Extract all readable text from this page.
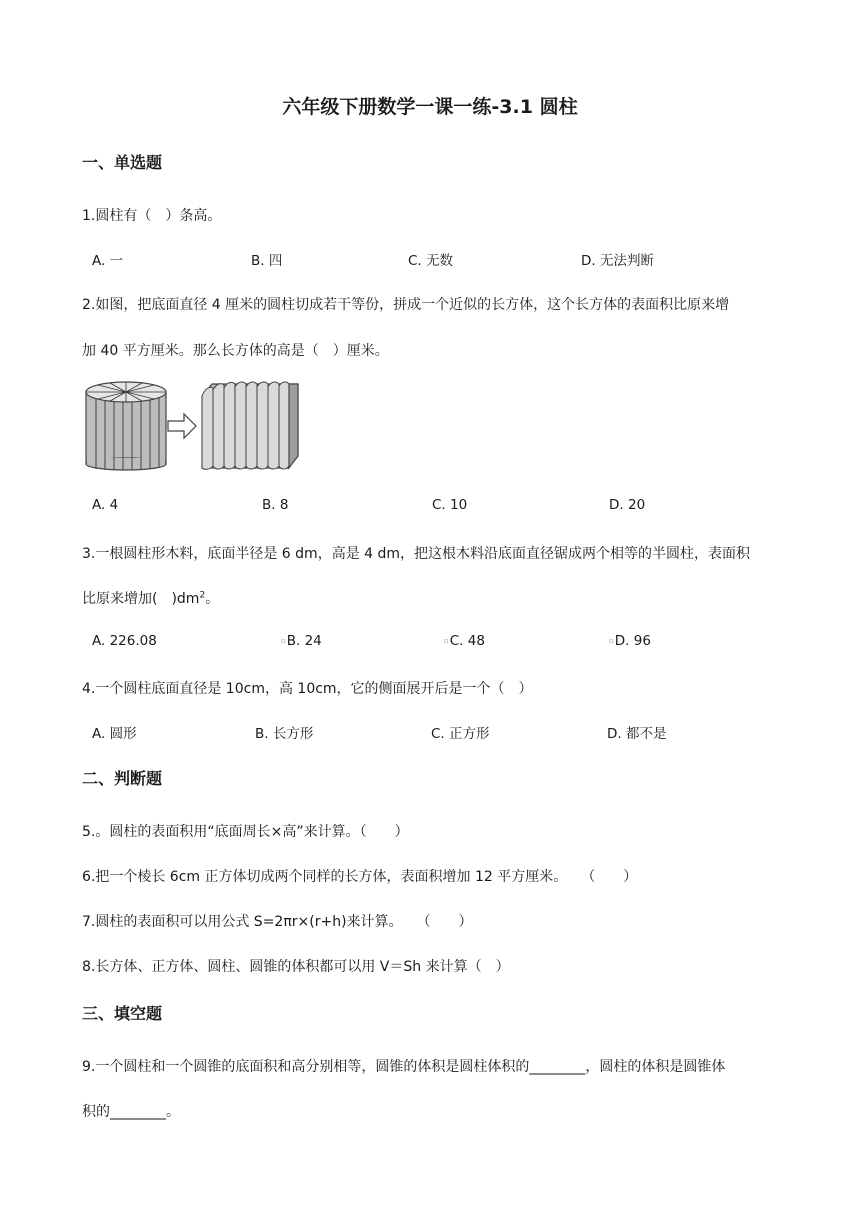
六年级下册数学一课一练-3.1 圆柱
一、单选题
1.圆柱有（　）条高。
A. 一	B. 四	C. 无数	D. 无法判断
2.如图，把底面直径 4 厘米的圆柱切成若干等份，拼成一个近似的长方体，这个长方体的表面积比原来增
加 40 平方厘米。那么长方体的高是（　）厘米。
A. 4	B. 8	C. 10	D. 20
3.一根圆柱形木料，底面半径是 6 dm，高是 4 dm，把这根木料沿底面直径锯成两个相等的半圆柱，表面积
比原来增加(　)$dm^2$。
A. 226.08	▫B. 24	▫C. 48	▫D. 96
4.一个圆柱底面直径是 10cm，高 10cm，它的侧面展开后是一个（　）
A. 圆形	B. 长方形	C. 正方形	D. 都不是
二、判断题
5.。圆柱的表面积用“底面周长×高”来计算。（　　）
6.把一个棱长 6cm 正方体切成两个同样的长方体，表面积增加 12 平方厘米。　　（　　）
7.圆柱的表面积可以用公式 S=2πr×(r+h)来计算。　　（　　）
8.长方体、正方体、圆柱、圆锥的体积都可以用 V＝Sh 来计算（　）
三、填空题
9.一个圆柱和一个圆锥的底面积和高分别相等，圆锥的体积是圆柱体积的________，圆柱的体积是圆锥体
积的________。
